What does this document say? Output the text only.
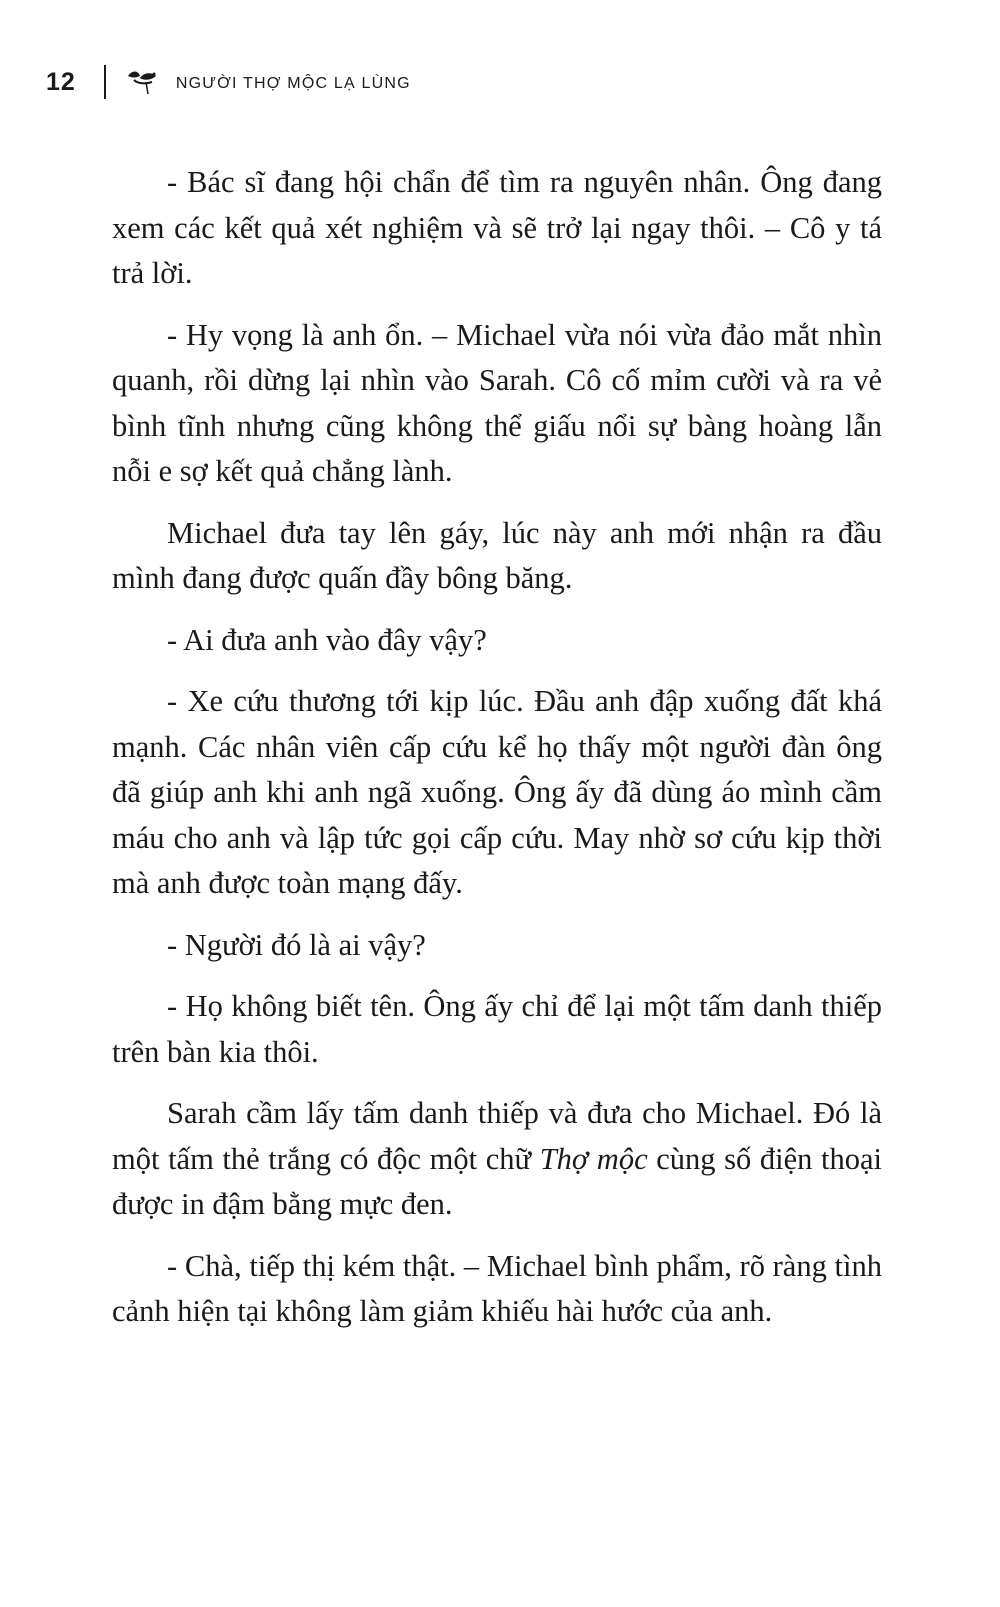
12	NGƯỜI THỢ MỘC LẠ LÙNG

- Bác sĩ đang hội chẩn để tìm ra nguyên nhân. Ông đang xem các kết quả xét nghiệm và sẽ trở lại ngay thôi. – Cô y tá trả lời.

- Hy vọng là anh ổn. – Michael vừa nói vừa đảo mắt nhìn quanh, rồi dừng lại nhìn vào Sarah. Cô cố mỉm cười và ra vẻ bình tĩnh nhưng cũng không thể giấu nổi sự bàng hoàng lẫn nỗi e sợ kết quả chẳng lành.

Michael đưa tay lên gáy, lúc này anh mới nhận ra đầu mình đang được quấn đầy bông băng.

- Ai đưa anh vào đây vậy?

- Xe cứu thương tới kịp lúc. Đầu anh đập xuống đất khá mạnh. Các nhân viên cấp cứu kể họ thấy một người đàn ông đã giúp anh khi anh ngã xuống. Ông ấy đã dùng áo mình cầm máu cho anh và lập tức gọi cấp cứu. May nhờ sơ cứu kịp thời mà anh được toàn mạng đấy.

- Người đó là ai vậy?

- Họ không biết tên. Ông ấy chỉ để lại một tấm danh thiếp trên bàn kia thôi.

Sarah cầm lấy tấm danh thiếp và đưa cho Michael. Đó là một tấm thẻ trắng có độc một chữ Thợ mộc cùng số điện thoại được in đậm bằng mực đen.

- Chà, tiếp thị kém thật. – Michael bình phẩm, rõ ràng tình cảnh hiện tại không làm giảm khiếu hài hước của anh.
